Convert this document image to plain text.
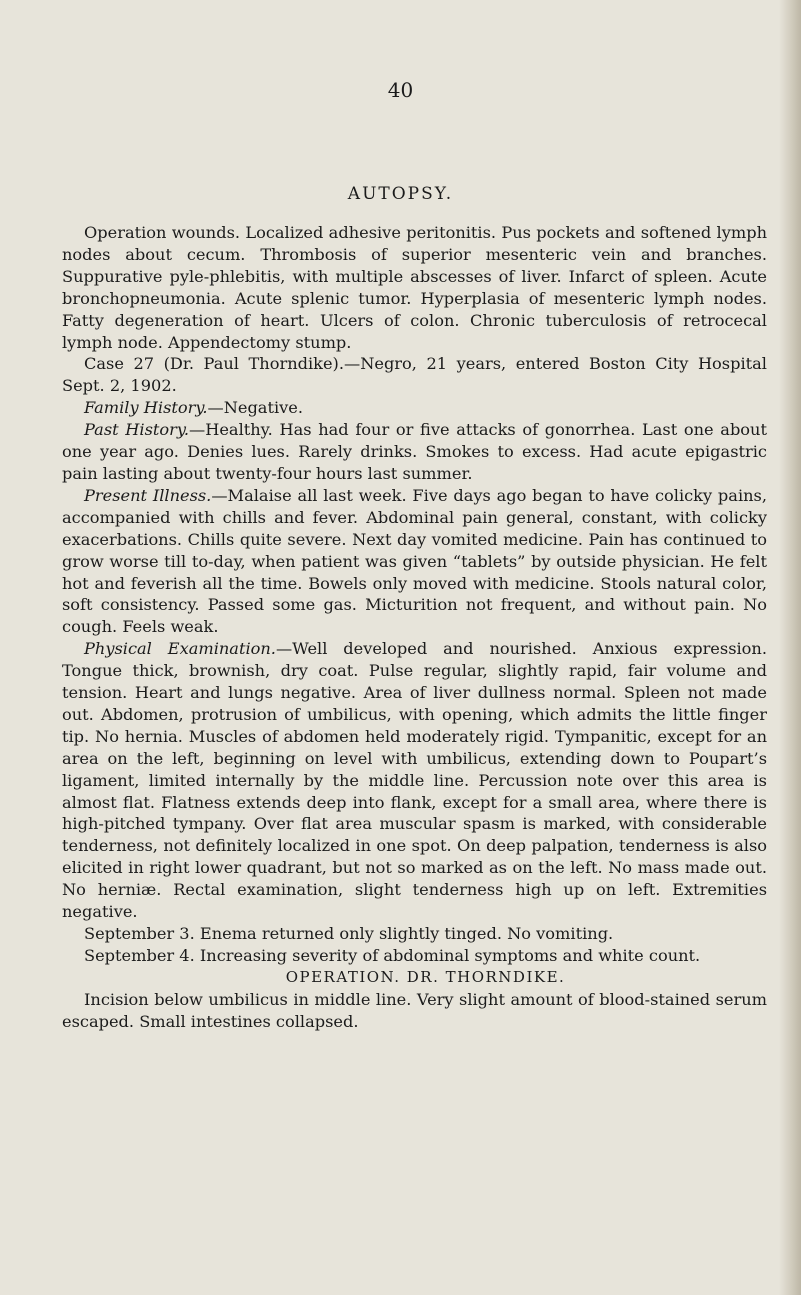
40
AUTOPSY.

Operation wounds. Localized adhesive peritonitis. Pus pockets and softened lymph nodes about cecum. Thrombosis of superior mesenteric vein and branches. Suppurative pyle-phlebitis, with multiple abscesses of liver. Infarct of spleen. Acute bronchopneumonia. Acute splenic tumor. Hyperplasia of mesenteric lymph nodes. Fatty degeneration of heart. Ulcers of colon. Chronic tuberculosis of retrocecal lymph node. Appendectomy stump.

Case 27 (Dr. Paul Thorndike).—Negro, 21 years, entered Boston City Hospital Sept. 2, 1902.

Family History.—Negative.

Past History.—Healthy. Has had four or five attacks of gonorrhea. Last one about one year ago. Denies lues. Rarely drinks. Smokes to excess. Had acute epigastric pain lasting about twenty-four hours last summer.

Present Illness.—Malaise all last week. Five days ago began to have colicky pains, accompanied with chills and fever. Abdominal pain general, constant, with colicky exacerbations. Chills quite severe. Next day vomited medicine. Pain has continued to grow worse till to-day, when patient was given “tablets” by outside physician. He felt hot and feverish all the time. Bowels only moved with medicine. Stools natural color, soft consistency. Passed some gas. Micturition not frequent, and without pain. No cough. Feels weak.

Physical Examination.—Well developed and nourished. Anxious expression. Tongue thick, brownish, dry coat. Pulse regular, slightly rapid, fair volume and tension. Heart and lungs negative. Area of liver dullness normal. Spleen not made out. Abdomen, protrusion of umbilicus, with opening, which admits the little finger tip. No hernia. Muscles of abdomen held moderately rigid. Tympanitic, except for an area on the left, beginning on level with umbilicus, extending down to Poupart’s ligament, limited internally by the middle line. Percussion note over this area is almost flat. Flatness extends deep into flank, except for a small area, where there is high-pitched tympany. Over flat area muscular spasm is marked, with considerable tenderness, not definitely localized in one spot. On deep palpation, tenderness is also elicited in right lower quadrant, but not so marked as on the left. No mass made out. No herniæ. Rectal examination, slight tenderness high up on left. Extremities negative.

September 3. Enema returned only slightly tinged. No vomiting.

September 4. Increasing severity of abdominal symptoms and white count.

OPERATION. DR. THORNDIKE.

Incision below umbilicus in middle line. Very slight amount of blood-stained serum escaped. Small intestines collapsed.
